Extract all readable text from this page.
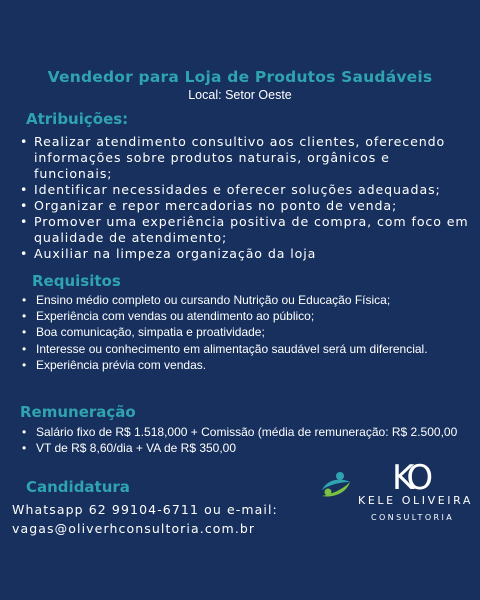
Vendedor para Loja de Produtos Saudáveis
Local: Setor Oeste
Atribuições:
• Realizar atendimento consultivo aos clientes, oferecendo informações sobre produtos naturais, orgânicos e funcionais;
• Identificar necessidades e oferecer soluções adequadas;
• Organizar e repor mercadorias no ponto de venda;
• Promover uma experiência positiva de compra, com foco em qualidade de atendimento;
• Auxiliar na limpeza organização da loja
Requisitos
• Ensino médio completo ou cursando Nutrição ou Educação Física;
• Experiência com vendas ou atendimento ao público;
• Boa comunicação, simpatia e proatividade;
• Interesse ou conhecimento em alimentação saudável será um diferencial.
• Experiência prévia com vendas.
Remuneração
• Salário fixo de R$ 1.518,000 + Comissão (média de remuneração: R$ 2.500,00
• VT de R$ 8,60/dia + VA de R$ 350,00
Candidatura
Whatsapp 62 99104-6711 ou e-mail:
vagas@oliverhconsultoria.com.br
KO
KELE OLIVEIRA
CONSULTORIA
